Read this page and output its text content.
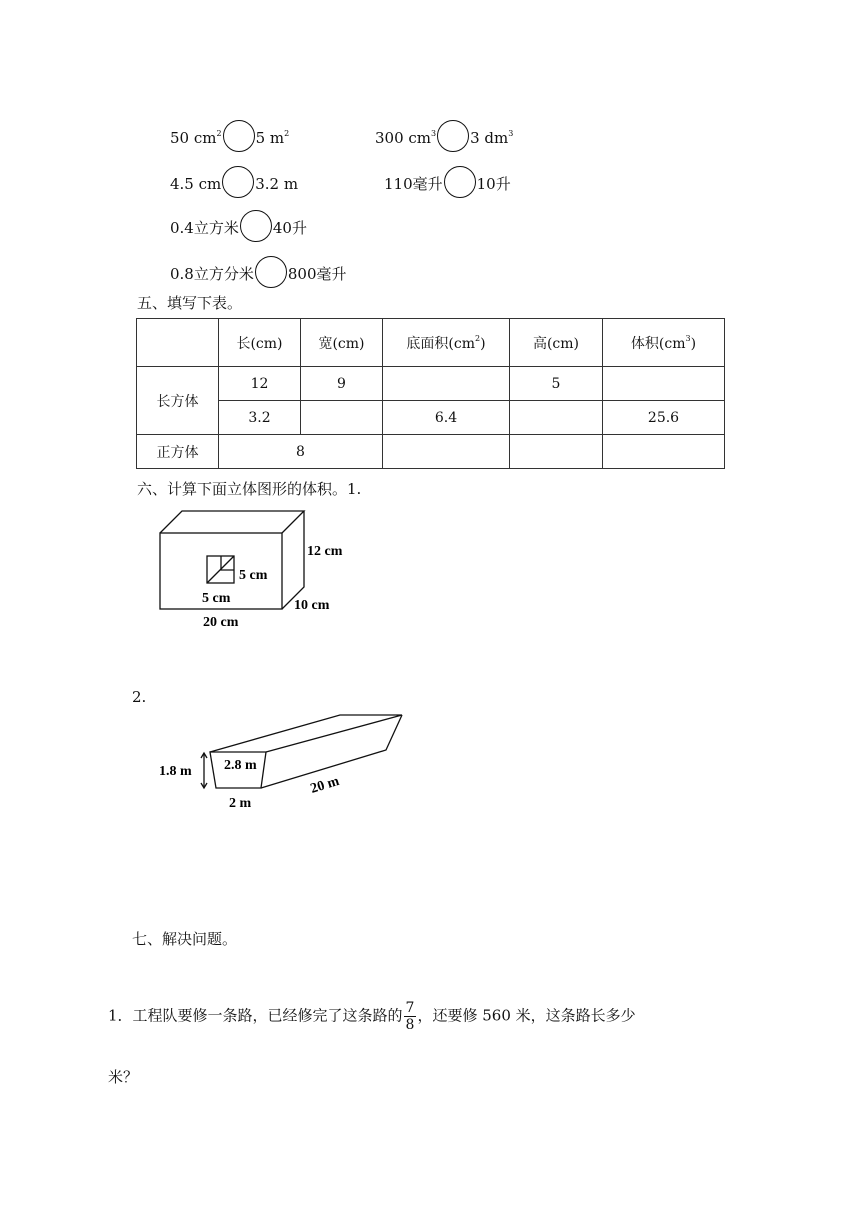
50 $cm^2$ 5 $m^2$	300 $cm^3$ 3 $dm^3$
4.5 cm 3.2 m	110毫升 10升
0.4立方米 40升
0.8立方分米 800毫升
五、填写下表。
	长(cm)	宽(cm)	底面积$(cm^2)$	高(cm)	体积$(cm^3)$
长方体	12	9		5	
	3.2		6.4		25.6
正方体	8				
六、计算下面立体图形的体积。1.
12 cm
5 cm
5 cm	10 cm
20 cm
2.
1.8 m 2.8 m
2 m
20 m
七、解决问题。
1．工程队要修一条路，已经修完了这条路的 $\frac{7}{8}$ ，还要修 560 米，这条路长多少
米？
